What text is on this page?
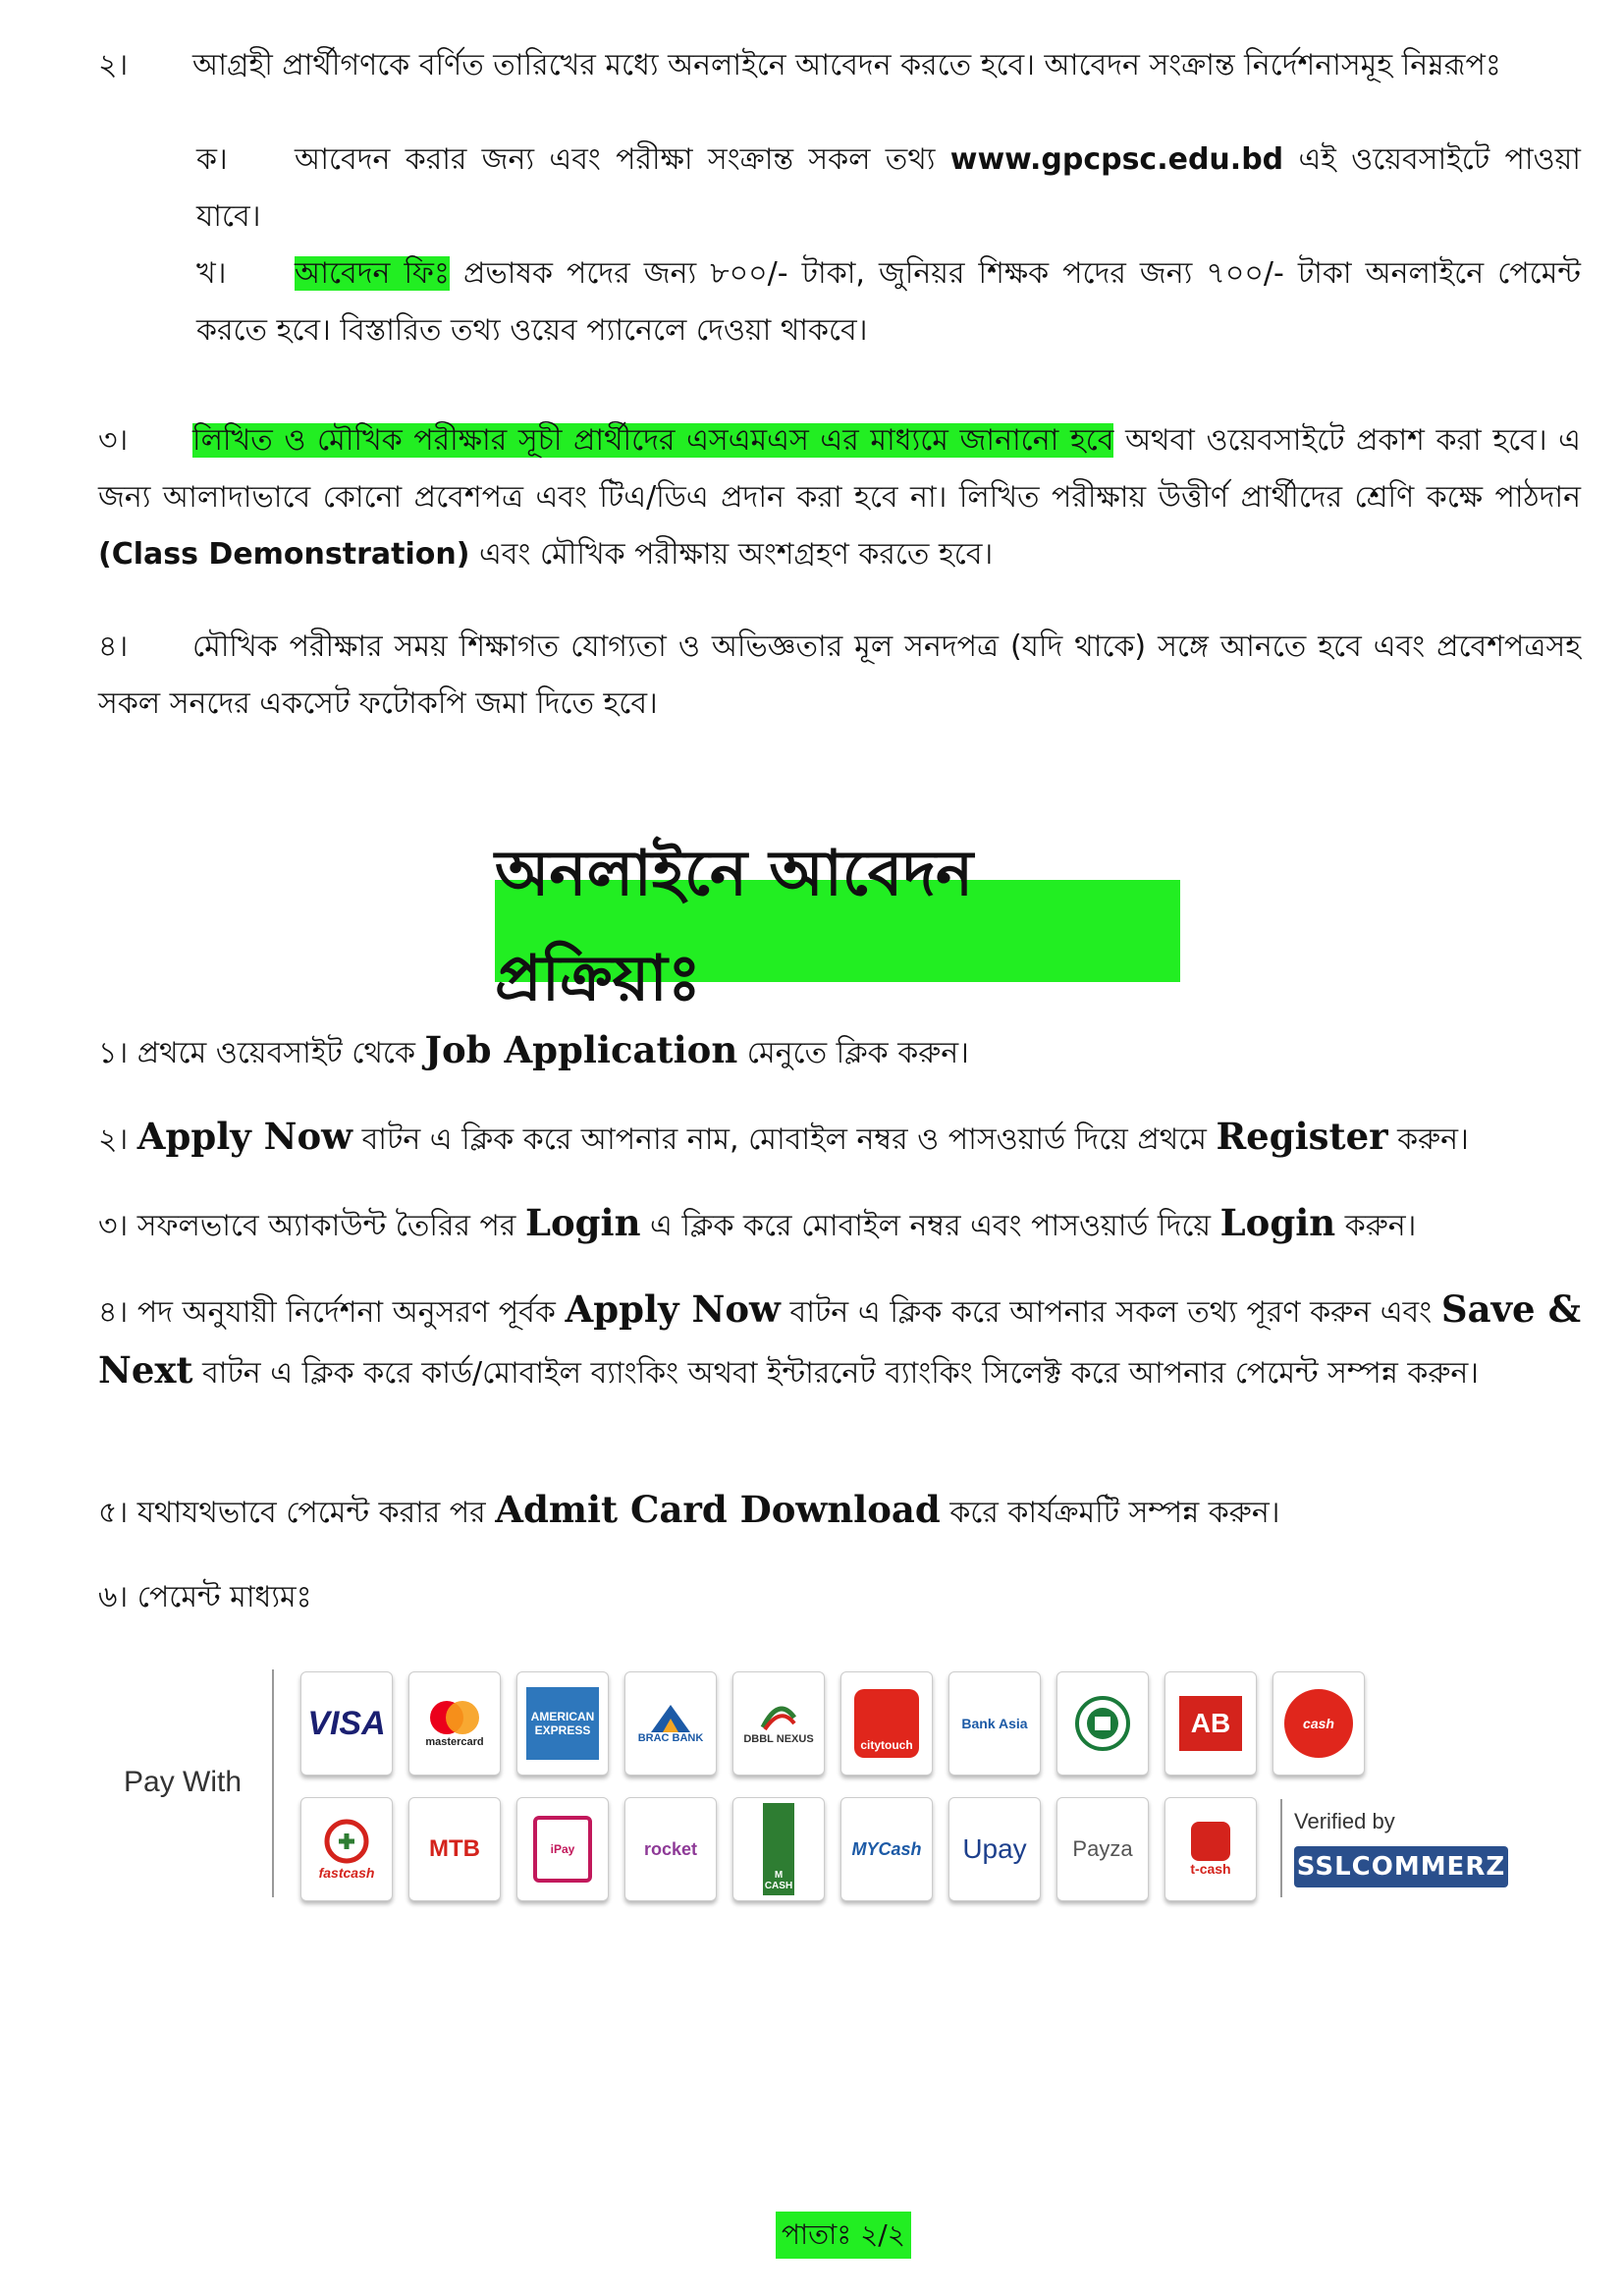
২। আগ্রহী প্রার্থীগণকে বর্ণিত তারিখের মধ্যে অনলাইনে আবেদন করতে হবে। আবেদন সংক্রান্ত নির্দেশনাসমূহ নিম্নরূপঃ

ক। আবেদন করার জন্য এবং পরীক্ষা সংক্রান্ত সকল তথ্য www.gpcpsc.edu.bd এই ওয়েবসাইটে পাওয়া যাবে।

খ। আবেদন ফিঃ প্রভাষক পদের জন্য ৮০০/- টাকা, জুনিয়র শিক্ষক পদের জন্য ৭০০/- টাকা অনলাইনে পেমেন্ট করতে হবে। বিস্তারিত তথ্য ওয়েব প্যানেলে দেওয়া থাকবে।

৩। লিখিত ও মৌখিক পরীক্ষার সূচী প্রার্থীদের এসএমএস এর মাধ্যমে জানানো হবে অথবা ওয়েবসাইটে প্রকাশ করা হবে। এ জন্য আলাদাভাবে কোনো প্রবেশপত্র এবং টিএ/ডিএ প্রদান করা হবে না। লিখিত পরীক্ষায় উত্তীর্ণ প্রার্থীদের শ্রেণি কক্ষে পাঠদান (Class Demonstration) এবং মৌখিক পরীক্ষায় অংশগ্রহণ করতে হবে।

৪। মৌখিক পরীক্ষার সময় শিক্ষাগত যোগ্যতা ও অভিজ্ঞতার মূল সনদপত্র (যদি থাকে) সঙ্গে আনতে হবে এবং প্রবেশপত্রসহ সকল সনদের একসেট ফটোকপি জমা দিতে হবে।

অনলাইনে আবেদন প্রক্রিয়াঃ

১। প্রথমে ওয়েবসাইট থেকে Job Application মেনুতে ক্লিক করুন।

২। Apply Now বাটন এ ক্লিক করে আপনার নাম, মোবাইল নম্বর ও পাসওয়ার্ড দিয়ে প্রথমে Register করুন।

৩। সফলভাবে অ্যাকাউন্ট তৈরির পর Login এ ক্লিক করে মোবাইল নম্বর এবং পাসওয়ার্ড দিয়ে Login করুন।

৪। পদ অনুযায়ী নির্দেশনা অনুসরণ পূর্বক Apply Now বাটন এ ক্লিক করে আপনার সকল তথ্য পূরণ করুন এবং Save & Next বাটন এ ক্লিক করে কার্ড/মোবাইল ব্যাংকিং অথবা ইন্টারনেট ব্যাংকিং সিলেক্ট করে আপনার পেমেন্ট সম্পন্ন করুন।

৫। যথাযথভাবে পেমেন্ট করার পর Admit Card Download করে কার্যক্রমটি সম্পন্ন করুন।

৬। পেমেন্ট মাধ্যমঃ

Pay With
VISA
mastercard
AMERICAN EXPRESS
BRAC BANK	DBBL NEXUS	citytouch
Bank Asia	AB	cash
fastcash
MTB	iPay	rocket
M CASH
MYCash Upay Payza
t-cash
Verified by
SSLCOMMERZ
পাতাঃ ২/২
